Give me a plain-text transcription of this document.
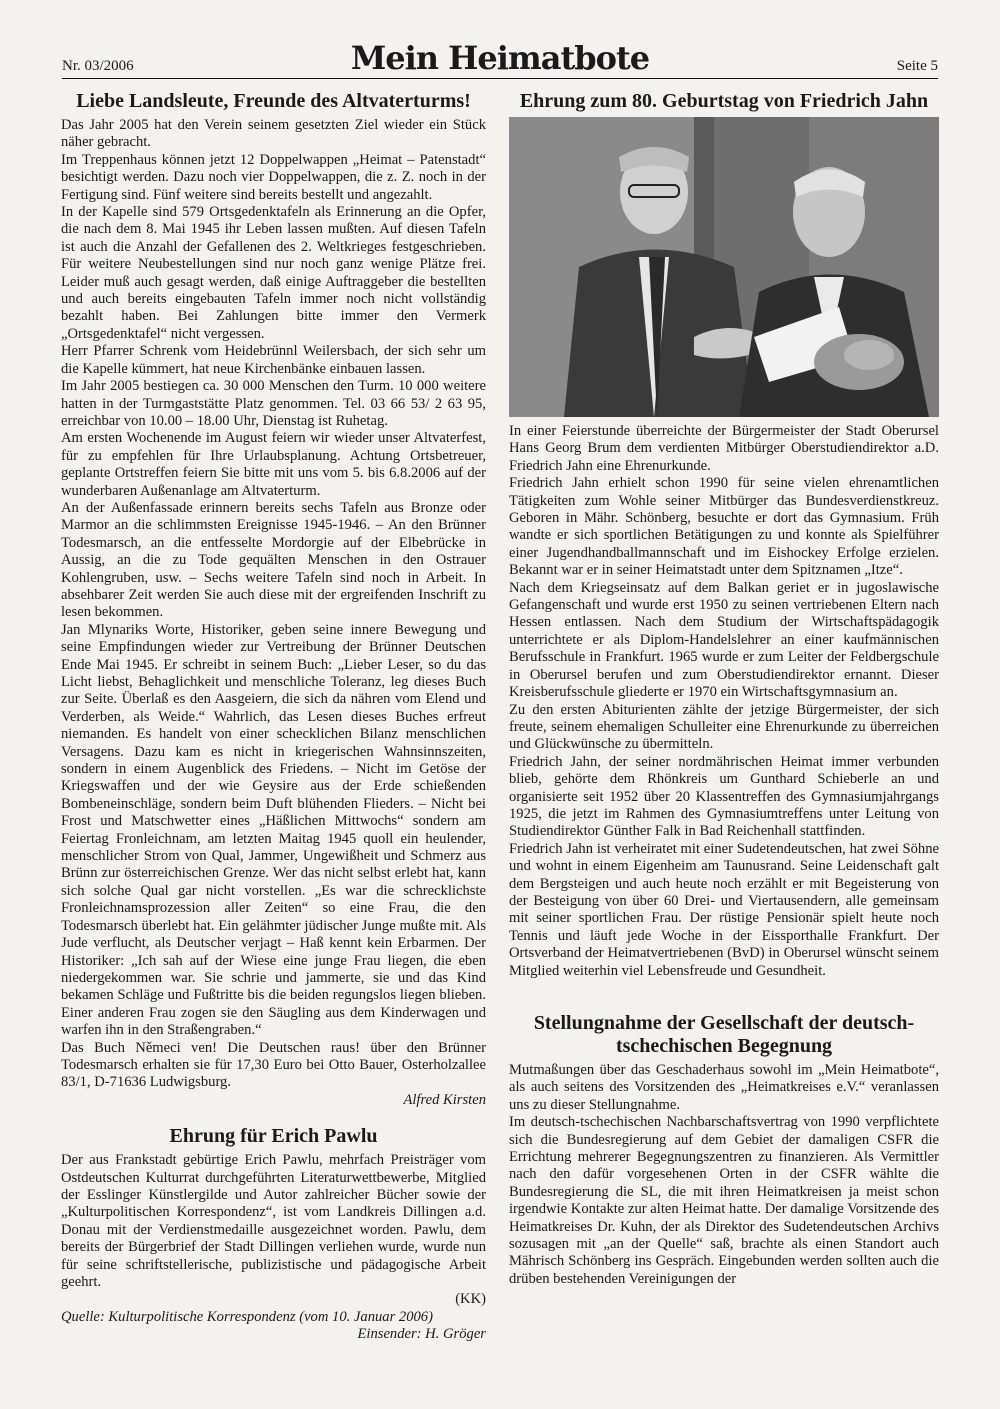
Nr. 03/2006	Mein Heimatbote	Seite 5
Liebe Landsleute, Freunde des Altvaterturms!

Das Jahr 2005 hat den Verein seinem gesetzten Ziel wieder ein Stück näher gebracht.

Im Treppenhaus können jetzt 12 Doppelwappen „Heimat – Patenstadt“ besichtigt werden. Dazu noch vier Doppelwappen, die z. Z. noch in der Fertigung sind. Fünf weitere sind bereits bestellt und angezahlt.

In der Kapelle sind 579 Ortsgedenktafeln als Erinnerung an die Opfer, die nach dem 8. Mai 1945 ihr Leben lassen mußten. Auf diesen Tafeln ist auch die Anzahl der Gefallenen des 2. Weltkrieges festgeschrieben. Für weitere Neubestellungen sind nur noch ganz wenige Plätze frei. Leider muß auch gesagt werden, daß einige Auftraggeber die bestellten und auch bereits eingebauten Tafeln immer noch nicht vollständig bezahlt haben. Bei Zahlungen bitte immer den Vermerk „Ortsgedenktafel“ nicht vergessen.

Herr Pfarrer Schrenk vom Heidebrünnl Weilersbach, der sich sehr um die Kapelle kümmert, hat neue Kirchenbänke einbauen lassen.

Im Jahr 2005 bestiegen ca. 30 000 Menschen den Turm. 10 000 weitere hatten in der Turmgaststätte Platz genommen. Tel. 03 66 53/ 2 63 95, erreichbar von 10.00 – 18.00 Uhr, Dienstag ist Ruhetag.

Am ersten Wochenende im August feiern wir wieder unser Altvaterfest, für zu empfehlen für Ihre Urlaubsplanung. Achtung Ortsbetreuer, geplante Ortstreffen feiern Sie bitte mit uns vom 5. bis 6.8.2006 auf der wunderbaren Außenanlage am Altvaterturm.

An der Außenfassade erinnern bereits sechs Tafeln aus Bronze oder Marmor an die schlimmsten Ereignisse 1945-1946. – An den Brünner Todesmarsch, an die entfesselte Mordorgie auf der Elbebrücke in Aussig, an die zu Tode gequälten Menschen in den Ostrauer Kohlengruben, usw. – Sechs weitere Tafeln sind noch in Arbeit. In absehbarer Zeit werden Sie auch diese mit der ergreifenden Inschrift zu lesen bekommen.

Jan Mlynariks Worte, Historiker, geben seine innere Bewegung und seine Empfindungen wieder zur Vertreibung der Brünner Deutschen Ende Mai 1945. Er schreibt in seinem Buch: „Lieber Leser, so du das Licht liebst, Behaglichkeit und menschliche Toleranz, leg dieses Buch zur Seite. Überlaß es den Aasgeiern, die sich da nähren vom Elend und Verderben, als Weide.“ Wahrlich, das Lesen dieses Buches erfreut niemanden. Es handelt von einer schecklichen Bilanz menschlichen Versagens. Dazu kam es nicht in kriegerischen Wahnsinnszeiten, sondern in einem Augenblick des Friedens. – Nicht im Getöse der Kriegswaffen und der wie Geysire aus der Erde schießenden Bombeneinschläge, sondern beim Duft blühenden Flieders. – Nicht bei Frost und Matschwetter eines „Häßlichen Mittwochs“ sondern am Feiertag Fronleichnam, am letzten Maitag 1945 quoll ein heulender, menschlicher Strom von Qual, Jammer, Ungewißheit und Schmerz aus Brünn zur österreichischen Grenze. Wer das nicht selbst erlebt hat, kann sich solche Qual gar nicht vorstellen. „Es war die schrecklichste Fronleichnamsprozession aller Zeiten“ so eine Frau, die den Todesmarsch überlebt hat. Ein gelähmter jüdischer Junge mußte mit. Als Jude verflucht, als Deutscher verjagt – Haß kennt kein Erbarmen. Der Historiker: „Ich sah auf der Wiese eine junge Frau liegen, die eben niedergekommen war. Sie schrie und jammerte, sie und das Kind bekamen Schläge und Fußtritte bis die beiden regungslos liegen blieben. Einer anderen Frau zogen sie den Säugling aus dem Kinderwagen und warfen ihn in den Straßengraben.“

Das Buch Němeci ven! Die Deutschen raus! über den Brünner Todesmarsch erhalten sie für 17,30 Euro bei Otto Bauer, Osterholzallee 83/1, D-71636 Ludwigsburg.

Alfred Kirsten

Ehrung für Erich Pawlu

Der aus Frankstadt gebürtige Erich Pawlu, mehrfach Preisträger vom Ostdeutschen Kulturrat durchgeführten Literaturwettbewerbe, Mitglied der Esslinger Künstlergilde und Autor zahlreicher Bücher sowie der „Kulturpolitischen Korrespondenz“, ist vom Landkreis Dillingen a.d. Donau mit der Verdienstmedaille ausgezeichnet worden. Pawlu, dem bereits der Bürgerbrief der Stadt Dillingen verliehen wurde, wurde nun für seine schriftstellerische, publizistische und pädagogische Arbeit geehrt.

(KK)

Quelle: Kulturpolitische Korrespondenz (vom 10. Januar 2006)

Einsender: H. Gröger

Ehrung zum 80. Geburtstag von Friedrich Jahn

In einer Feierstunde überreichte der Bürgermeister der Stadt Oberursel Hans Georg Brum dem verdienten Mitbürger Oberstudiendirektor a.D. Friedrich Jahn eine Ehrenurkunde.

Friedrich Jahn erhielt schon 1990 für seine vielen ehrenamtlichen Tätigkeiten zum Wohle seiner Mitbürger das Bundesverdienstkreuz. Geboren in Mähr. Schönberg, besuchte er dort das Gymnasium. Früh wandte er sich sportlichen Betätigungen zu und konnte als Spielführer einer Jugendhandballmannschaft und im Eishockey Erfolge erzielen. Bekannt war er in seiner Heimatstadt unter dem Spitznamen „Itze“.

Nach dem Kriegseinsatz auf dem Balkan geriet er in jugoslawische Gefangenschaft und wurde erst 1950 zu seinen vertriebenen Eltern nach Hessen entlassen. Nach dem Studium der Wirtschaftspädagogik unterrichtete er als Diplom-Handelslehrer an einer kaufmännischen Berufsschule in Frankfurt. 1965 wurde er zum Leiter der Feldbergschule in Oberursel berufen und zum Oberstudiendirektor ernannt. Dieser Kreisberufsschule gliederte er 1970 ein Wirtschaftsgymnasium an.

Zu den ersten Abiturienten zählte der jetzige Bürgermeister, der sich freute, seinem ehemaligen Schulleiter eine Ehrenurkunde zu überreichen und Glückwünsche zu übermitteln.

Friedrich Jahn, der seiner nordmährischen Heimat immer verbunden blieb, gehörte dem Rhönkreis um Gunthard Schieberle an und organisierte seit 1952 über 20 Klassentreffen des Gymnasiumjahrgangs 1925, die jetzt im Rahmen des Gymnasiumtreffens unter Leitung von Studiendirektor Günther Falk in Bad Reichenhall stattfinden.

Friedrich Jahn ist verheiratet mit einer Sudetendeutschen, hat zwei Söhne und wohnt in einem Eigenheim am Taunusrand. Seine Leidenschaft galt dem Bergsteigen und auch heute noch erzählt er mit Begeisterung von der Besteigung von über 60 Drei- und Viertausendern, alle gemeinsam mit seiner sportlichen Frau. Der rüstige Pensionär spielt heute noch Tennis und läuft jede Woche in der Eissporthalle Frankfurt. Der Ortsverband der Heimatvertriebenen (BvD) in Oberursel wünscht seinem Mitglied weiterhin viel Lebensfreude und Gesundheit.

Stellungnahme der Gesellschaft der deutsch-tschechischen Begegnung

Mutmaßungen über das Geschaderhaus sowohl im „Mein Heimatbote“, als auch seitens des Vorsitzenden des „Heimatkreises e.V.“ veranlassen uns zu dieser Stellungnahme.

Im deutsch-tschechischen Nachbarschaftsvertrag von 1990 verpflichtete sich die Bundesregierung auf dem Gebiet der damaligen CSFR die Errichtung mehrerer Begegnungszentren zu finanzieren. Als Vermittler nach den dafür vorgesehenen Orten in der CSFR wählte die Bundesregierung die SL, die mit ihren Heimatkreisen ja meist schon irgendwie Kontakte zur alten Heimat hatte. Der damalige Vorsitzende des Heimatkreises Dr. Kuhn, der als Direktor des Sudetendeutschen Archivs sozusagen mit „an der Quelle“ saß, brachte als einen Standort auch Mährisch Schönberg ins Gespräch. Eingebunden werden sollten auch die drüben bestehenden Vereinigungen der
